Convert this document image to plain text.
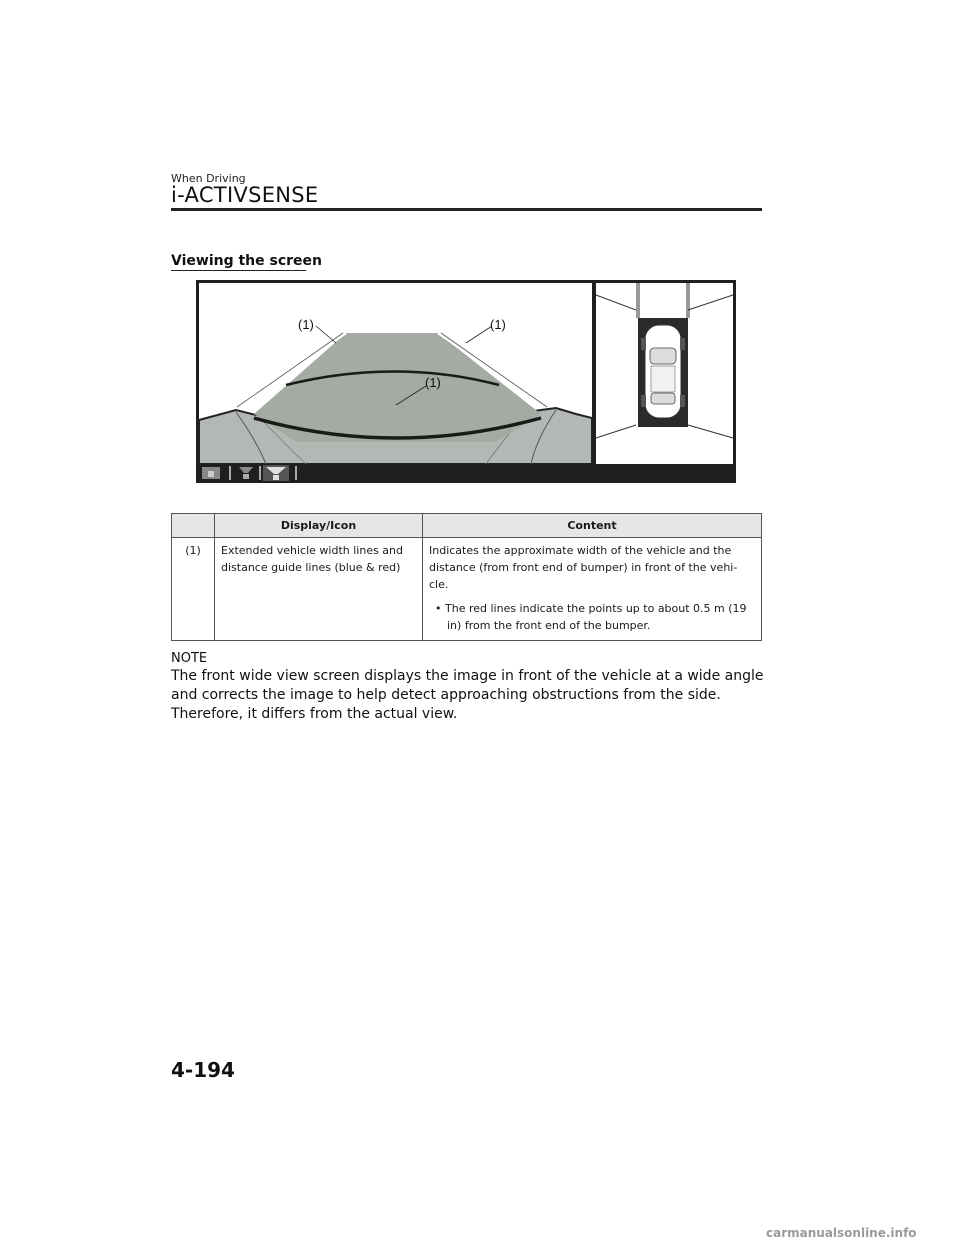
When Driving
i-ACTIVSENSE
Viewing the screen
(1)	(1)
(1)
	Display/Icon	Content
(1)	Extended vehicle width lines and distance guide lines (blue & red)	Indicates the approximate width of the vehicle and the distance (from front end of bumper) in front of the vehi-cle.
• The red lines indicate the points up to about 0.5 m (19 in) from the front end of the bumper.
NOTE
The front wide view screen displays the image in front of the vehicle at a wide angle and corrects the image to help detect approaching obstructions from the side. Therefore, it differs from the actual view.
4-194
carmanualsonline.info
